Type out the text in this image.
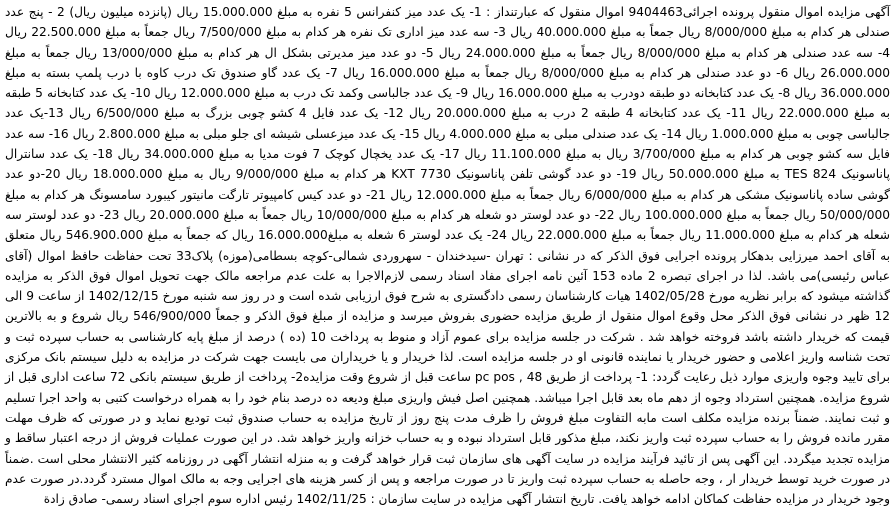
آگهی مزایده اموال منقول پرونده اجرائی9404463 اموال منقول که عبارتنداز : 1- یک عدد میز کنفرانس 5 نفره به مبلغ 15.000.000 ریال (پانزده میلیون ریال) 2 - پنج عدد صندلی هر کدام به مبلغ 8/000/000 ریال جمعاً به مبلغ 40.000.000 ریال 3- سه عدد میز اداری تک نفره هر کدام به مبلغ 7/500/000 ریال جمعاً به مبلغ 22.500.000 ریال 4- سه عدد صندلی هر کدام به مبلغ 8/000/000 ریال جمعاً به مبلغ 24.000.000 ریال 5- دو عدد میز مدیرتی بشکل ال هر کدام به مبلغ 13/000/000 ریال جمعاً به مبلغ 26.000.000 ریال 6- دو عدد صندلی هر کدام به مبلغ 8/000/000 ریال جمعاً به مبلغ 16.000.000 ریال 7- یک عدد گاو صندوق تک درب کاوه با درب پلمپ بسته به مبلغ 36.000.000 ریال 8- یک عدد کتابخانه دو طبقه دودرب به مبلغ 16.000.000 ریال 9- یک عدد جالباسی وکمد تک درب به مبلغ 12.000.000 ریال 10- یک عدد کتابخانه 5 طبقه به مبلغ 22.000.000 ریال 11- یک عدد کتابخانه 4 طبقه 2 درب به مبلغ 20.000.000 ریال 12- یک عدد فایل 4 کشو چوبی بزرگ به مبلغ 6/500/000 ریال 13-یک عدد جالباسی چوبی به مبلغ 1.000.000 ریال 14- یک عدد صندلی مبلی به مبلغ 4.000.000 ریال 15- یک عدد میزعسلی شیشه ای جلو مبلی به مبلغ 2.800.000 ریال 16- سه عدد فایل سه کشو چوبی هر کدام به مبلغ 3/700/000 ریال به مبلغ 11.100.000 ریال 17- یک عدد یخچال کوچک 7 فوت مدیا به مبلغ 34.000.000 ریال 18- یک عدد سانترال پاناسونیک TES 824 به مبلغ 50.000.000 ریال 19- دو عدد گوشی تلفن پاناسونیک KXT 7730 هر کدام به مبلغ 9/000/000 ریال به مبلغ 18.000.000 ریال 20-دو عدد گوشی ساده پاناسونیک مشکی هر کدام به مبلغ 6/000/000 ریال جمعاً به مبلغ 12.000.000 ریال 21- دو عدد کیس کامپیوتر تارگت مانیتور کیبورد سامسونگ هر کدام به مبلغ 50/000/000 ریال جمعاً به مبلغ 100.000.000 ریال 22- دو عدد لوستر دو شعله هر کدام به مبلغ 10/000/000 ریال جمعاً به مبلغ 20.000.000 ریال 23- دو عدد لوستر سه شعله هر کدام به مبلغ 11.000.000 ریال جمعاً به مبلغ 22.000.000 ریال 24- یک عدد لوستر 6 شعله به مبلغ16.000.000 ریال که جمعاً به مبلغ 546.900.000 ریال متعلق به آقای احمد میرزایی بدهکار پرونده اجرایی فوق الذکر که در نشانی : تهران -سیدخندان - سهروردی شمالی-کوچه بسطامی(موزه) پلاک33 تحت حفاظت حافظ اموال (آقای عباس رئیسی)می باشد. لذا در اجرای تبصره 2 ماده 153 آئین نامه اجرای مفاد اسناد رسمی لازم‌الاجرا به علت عدم مراجعه مالک جهت تحویل اموال فوق الذکر به مزایده گذاشته میشود که برابر نظریه مورخ 1402/05/28 هیات کارشناسان رسمی دادگستری به شرح فوق ارزیابی شده است و در روز سه شنبه مورخ 1402/12/15 از ساعت 9 الی 12 ظهر در نشانی فوق الذکر محل وقوع اموال منقول از طریق مزایده حضوری بفروش میرسد و مزایده از مبلغ فوق الذکر و جمعاً 546/900/000 ریال شروع و به بالاترین قیمت که خریدار داشته باشد فروخته خواهد شد . شرکت در جلسه مزایده برای عموم آزاد و منوط به پرداخت 10 (ده ) درصد از مبلغ پایه کارشناسی به حساب سپرده ثبت و تحت شناسه واریز اعلامی و حضور خریدار یا نماینده قانونی او در جلسه مزایده است. لذا خریدار و یا خریداران می بایست جهت شرکت در مزایده به دلیل سیستم بانک مرکزی برای تایید وجوه واریزی موارد ذیل رعایت گردد: 1- پرداخت از طریق pc pos , 48 ساعت قبل از شروع وقت مزایده2- پرداخت از طریق سیستم بانکی 72 ساعت اداری قبل از شروع مزایده. همچنین استرداد وجوه از دهم ماه بعد قابل اجرا میباشد. همچنین اصل فیش واریزی مبلغ ودیعه ده درصد بنام خود را به همراه درخواست کتبی به واحد اجرا تسلیم و ثبت نمایند. ضمناً برنده مزایده مکلف است مابه التفاوت مبلغ فروش را ظرف مدت پنج روز از تاریخ مزایده به حساب صندوق ثبت تودیع نماید و در صورتی که ظرف مهلت مقرر مانده فروش را به حساب سپرده ثبت واریز نکند، مبلغ مذکور قابل استرداد نبوده و به حساب خزانه واریز خواهد شد. در این صورت عملیات فروش از درجه اعتبار ساقط و مزایده تجدید میگردد. این آگهی پس از تائید فرآیند مزایده در سایت آگهی های سازمان ثبت قرار خواهد گرفت و به منزله انتشار آگهی در روزنامه کثیر الانتشار محلی است .ضمناً در صورت خرید توسط خریدار ار ، وجه حاصله به حساب سپرده ثبت واریز تا در صورت مراجعه و پس از کسر هزینه های اجرایی وجه به مالک اموال مسترد گردد.در صورت عدم وجود خریدار در مزایده حفاظت کماکان ادامه خواهد یافت. تاریخ انتشار آگهی مزایده در سایت سازمان : 1402/11/25 رئیس اداره سوم اجرای اسناد رسمی- صادق زادة
